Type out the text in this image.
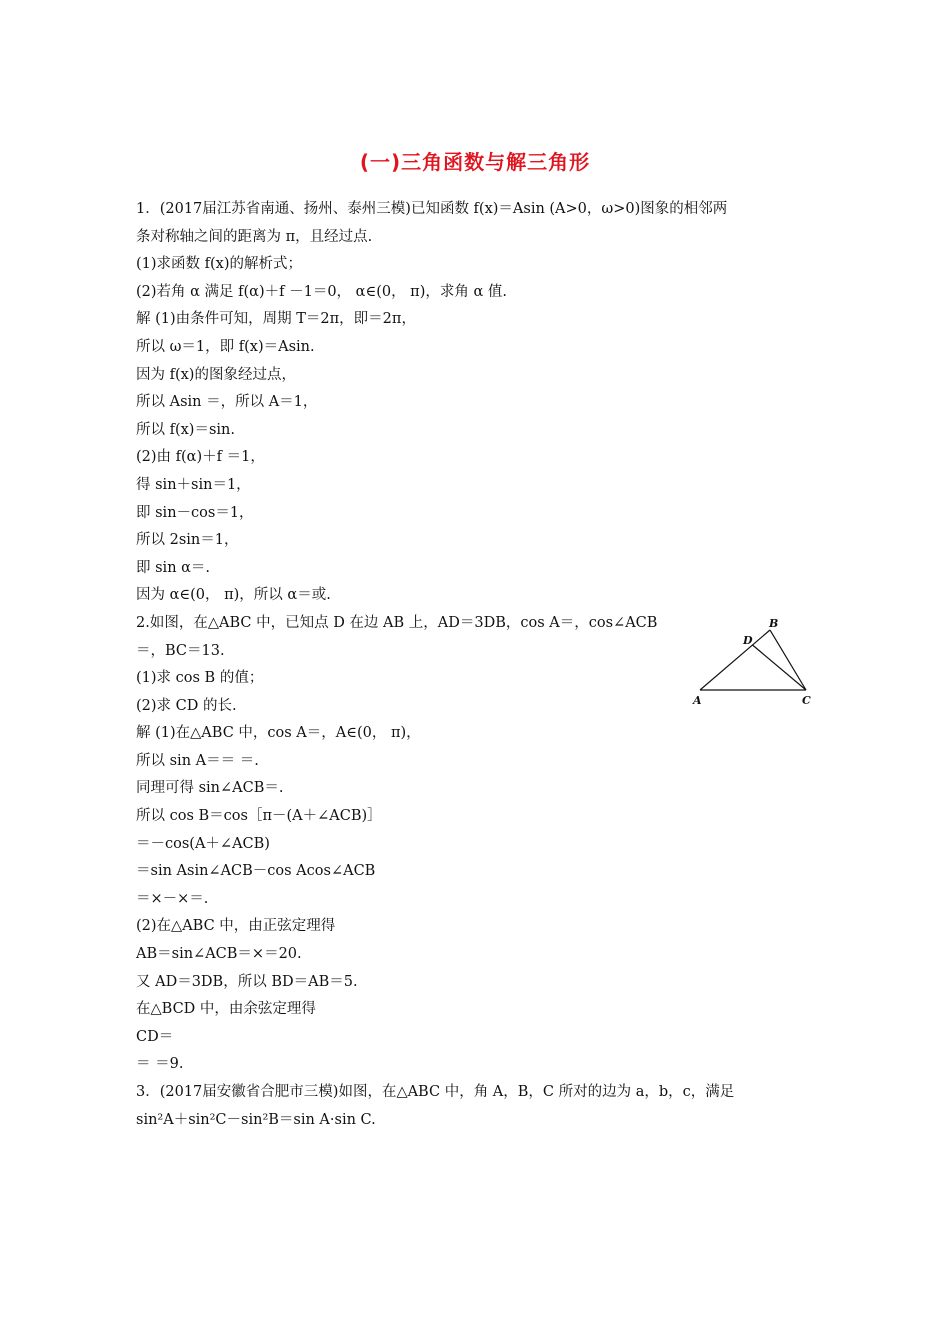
(一)三角函数与解三角形
1．(2017届江苏省南通、扬州、泰州三模)已知函数 f(x)＝Asin (A>0，ω>0)图象的相邻两
条对称轴之间的距离为 π，且经过点.
(1)求函数 f(x)的解析式；
(2)若角 α 满足 f(α)＋f －1＝0， α∈(0， π)，求角 α 值.
解 (1)由条件可知，周期 T＝2π，即＝2π，
所以 ω＝1，即 f(x)＝Asin.
因为 f(x)的图象经过点，
所以 Asin ＝，所以 A＝1，
所以 f(x)＝sin.
(2)由 f(α)＋f ＝1，
得 sin＋sin＝1，
即 sin－cos＝1，
所以 2sin＝1，
即 sin α＝.
因为 α∈(0， π)，所以 α＝或.
2.如图，在△ABC 中，已知点 D 在边 AB 上，AD＝3DB，cos A＝，cos∠ACB
＝，BC＝13.
(1)求 cos B 的值；
(2)求 CD 的长.
解 (1)在△ABC 中，cos A＝，A∈(0， π)，
所以 sin A＝＝ ＝.
同理可得 sin∠ACB＝.
所以 cos B＝cos［π－(A＋∠ACB)］
＝－cos(A＋∠ACB)
＝sin Asin∠ACB－cos Acos∠ACB
＝×－×＝.
(2)在△ABC 中，由正弦定理得
AB＝sin∠ACB＝×＝20.
又 AD＝3DB，所以 BD＝AB＝5.
在△BCD 中，由余弦定理得
CD＝
＝ ＝9.
3．(2017届安徽省合肥市三模)如图，在△ABC 中，角 A，B，C 所对的边为 a，b，c，满足
sin²A＋sin²C－sin²B＝sin A·sin C.
A
B
C
D
